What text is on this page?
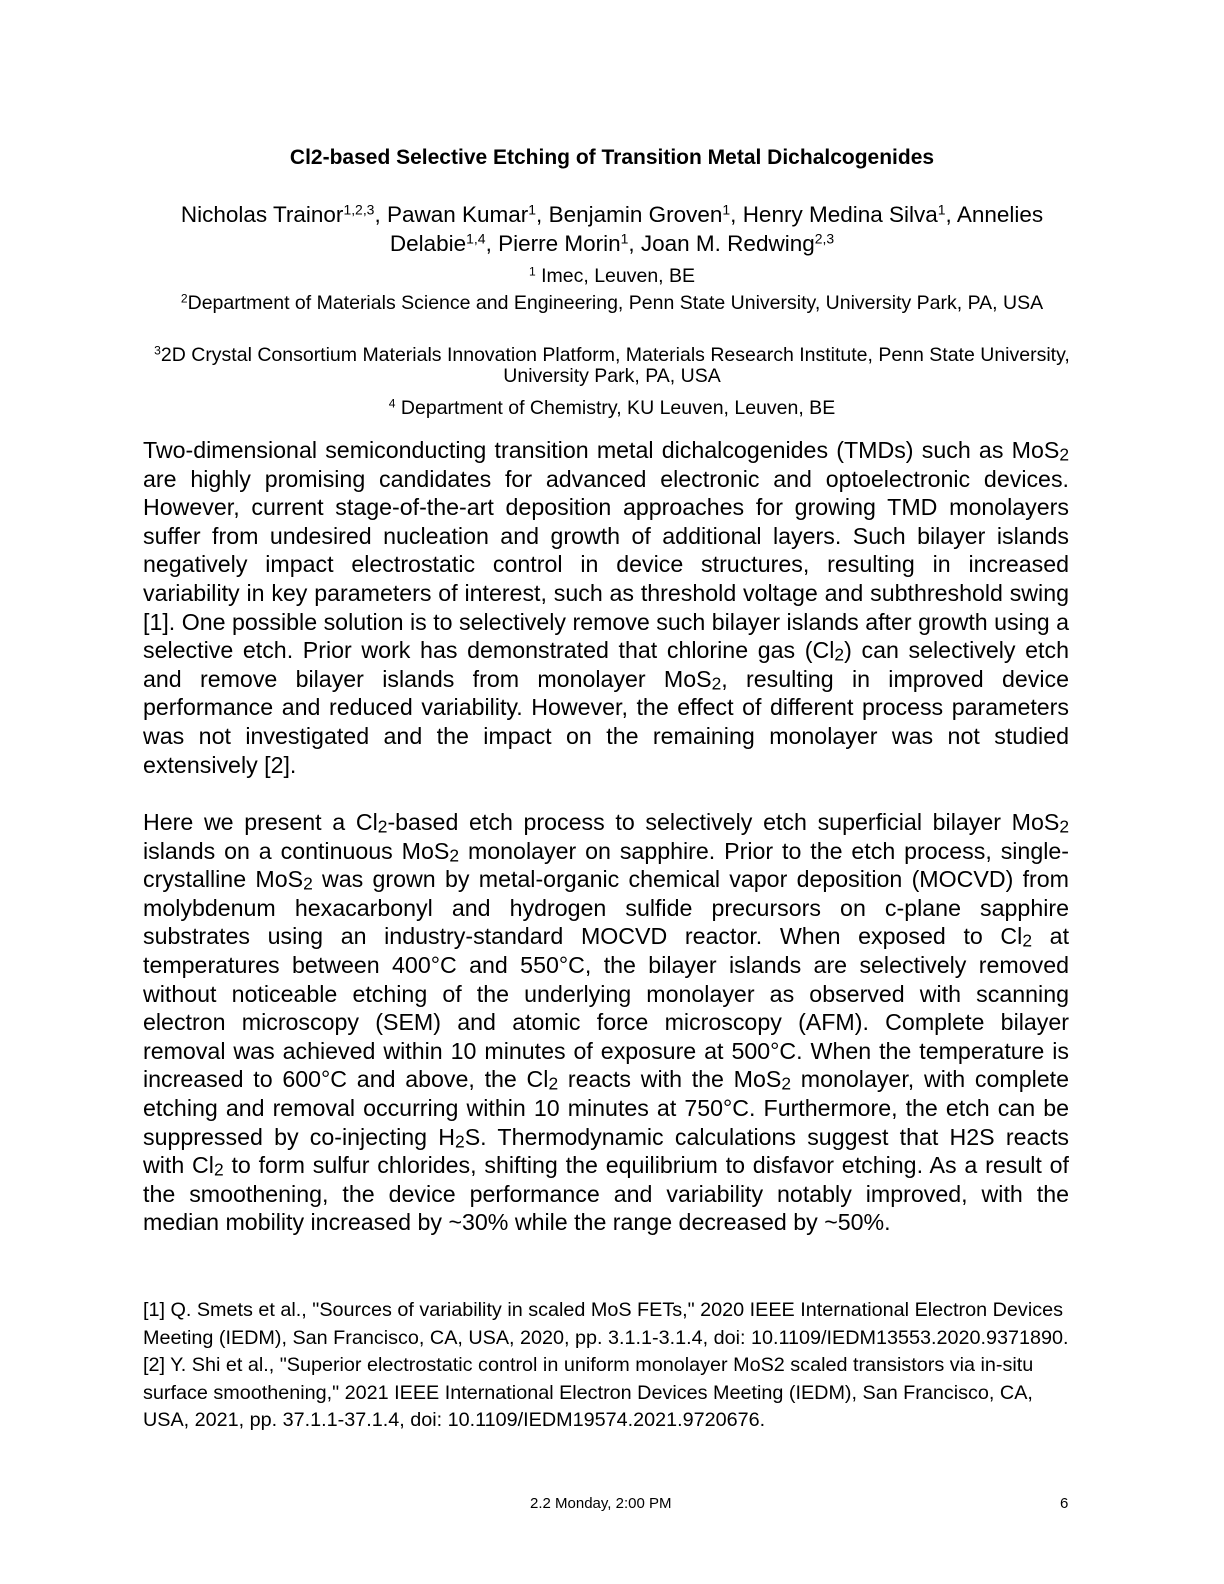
Cl2-based Selective Etching of Transition Metal Dichalcogenides
Nicholas Trainor$^{1,2,3}$, Pawan Kumar$^1$, Benjamin Groven$^1$, Henry Medina Silva$^1$, Annelies Delabie$^{1,4}$, Pierre Morin$^1$, Joan M. Redwing$^{2,3}$
$^1$ Imec, Leuven, BE
$^2$Department of Materials Science and Engineering, Penn State University, University Park, PA, USA
$^3$2D Crystal Consortium Materials Innovation Platform, Materials Research Institute, Penn State University, University Park, PA, USA
$^4$ Department of Chemistry, KU Leuven, Leuven, BE

Two-dimensional semiconducting transition metal dichalcogenides (TMDs) such as MoS$_2$ are highly promising candidates for advanced electronic and optoelectronic devices. However, current stage-of-the-art deposition approaches for growing TMD monolayers suffer from undesired nucleation and growth of additional layers. Such bilayer islands negatively impact electrostatic control in device structures, resulting in increased variability in key parameters of interest, such as threshold voltage and subthreshold swing [1]. One possible solution is to selectively remove such bilayer islands after growth using a selective etch. Prior work has demonstrated that chlorine gas $(Cl_2)$ can selectively etch and remove bilayer islands from monolayer MoS$_2$, resulting in improved device performance and reduced variability. However, the effect of different process parameters was not investigated and the impact on the remaining monolayer was not studied extensively [2].

Here we present a $Cl_2$-based etch process to selectively etch superficial bilayer MoS$_2$ islands on a continuous MoS$_2$ monolayer on sapphire. Prior to the etch process, single-crystalline MoS$_2$ was grown by metal-organic chemical vapor deposition (MOCVD) from molybdenum hexacarbonyl and hydrogen sulfide precursors on c-plane sapphire substrates using an industry-standard MOCVD reactor. When exposed to $Cl_2$ at temperatures between 400°C and 550°C, the bilayer islands are selectively removed without noticeable etching of the underlying monolayer as observed with scanning electron microscopy (SEM) and atomic force microscopy (AFM). Complete bilayer removal was achieved within 10 minutes of exposure at 500°C. When the temperature is increased to 600°C and above, the $Cl_2$ reacts with the MoS$_2$ monolayer, with complete etching and removal occurring within 10 minutes at 750°C. Furthermore, the etch can be suppressed by co-injecting $H_2S$. Thermodynamic calculations suggest that H2S reacts with $Cl_2$ to form sulfur chlorides, shifting the equilibrium to disfavor etching. As a result of the smoothening, the device performance and variability notably improved, with the median mobility increased by ~30% while the range decreased by ~50%.

[1] Q. Smets et al., "Sources of variability in scaled MoS FETs," 2020 IEEE International Electron Devices Meeting (IEDM), San Francisco, CA, USA, 2020, pp. 3.1.1-3.1.4, doi: 10.1109/IEDM13553.2020.9371890.

[2] Y. Shi et al., "Superior electrostatic control in uniform monolayer MoS2 scaled transistors via in-situ surface smoothening," 2021 IEEE International Electron Devices Meeting (IEDM), San Francisco, CA, USA, 2021, pp. 37.1.1-37.1.4, doi: 10.1109/IEDM19574.2021.9720676.

2.2 Monday, 2:00 PM	6
